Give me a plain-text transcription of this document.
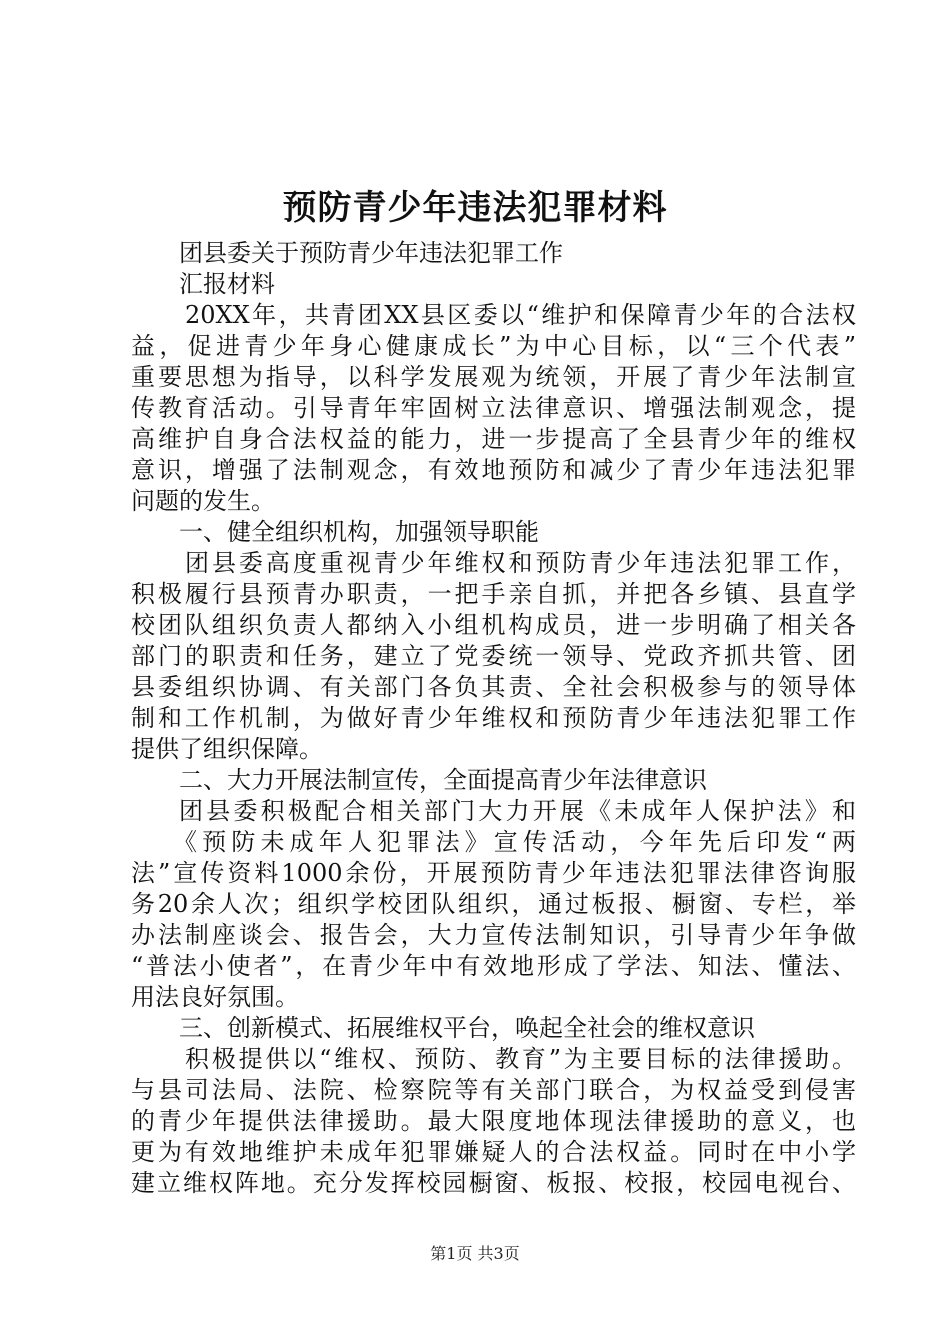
预防青少年违法犯罪材料
团县委关于预防青少年违法犯罪工作
汇报材料
20XX年，共青团XX县区委以“维护和保障青少年的合法权
益，促进青少年身心健康成长”为中心目标，以“三个代表”
重要思想为指导，以科学发展观为统领，开展了青少年法制宣
传教育活动。引导青年牢固树立法律意识、增强法制观念，提
高维护自身合法权益的能力，进一步提高了全县青少年的维权
意识，增强了法制观念，有效地预防和减少了青少年违法犯罪
问题的发生。
一、健全组织机构，加强领导职能
团县委高度重视青少年维权和预防青少年违法犯罪工作，
积极履行县预青办职责，一把手亲自抓，并把各乡镇、县直学
校团队组织负责人都纳入小组机构成员，进一步明确了相关各
部门的职责和任务，建立了党委统一领导、党政齐抓共管、团
县委组织协调、有关部门各负其责、全社会积极参与的领导体
制和工作机制，为做好青少年维权和预防青少年违法犯罪工作
提供了组织保障。
二、大力开展法制宣传，全面提高青少年法律意识
团县委积极配合相关部门大力开展《未成年人保护法》和
《预防未成年人犯罪法》宣传活动，今年先后印发“两
法”宣传资料1000余份，开展预防青少年违法犯罪法律咨询服
务20余人次；组织学校团队组织，通过板报、橱窗、专栏，举
办法制座谈会、报告会，大力宣传法制知识，引导青少年争做
“普法小使者”，在青少年中有效地形成了学法、知法、懂法、
用法良好氛围。
三、创新模式、拓展维权平台，唤起全社会的维权意识
积极提供以“维权、预防、教育”为主要目标的法律援助。
与县司法局、法院、检察院等有关部门联合，为权益受到侵害
的青少年提供法律援助。最大限度地体现法律援助的意义，也
更为有效地维护未成年犯罪嫌疑人的合法权益。同时在中小学
建立维权阵地。充分发挥校园橱窗、板报、校报，校园电视台、
第1页 共3页
